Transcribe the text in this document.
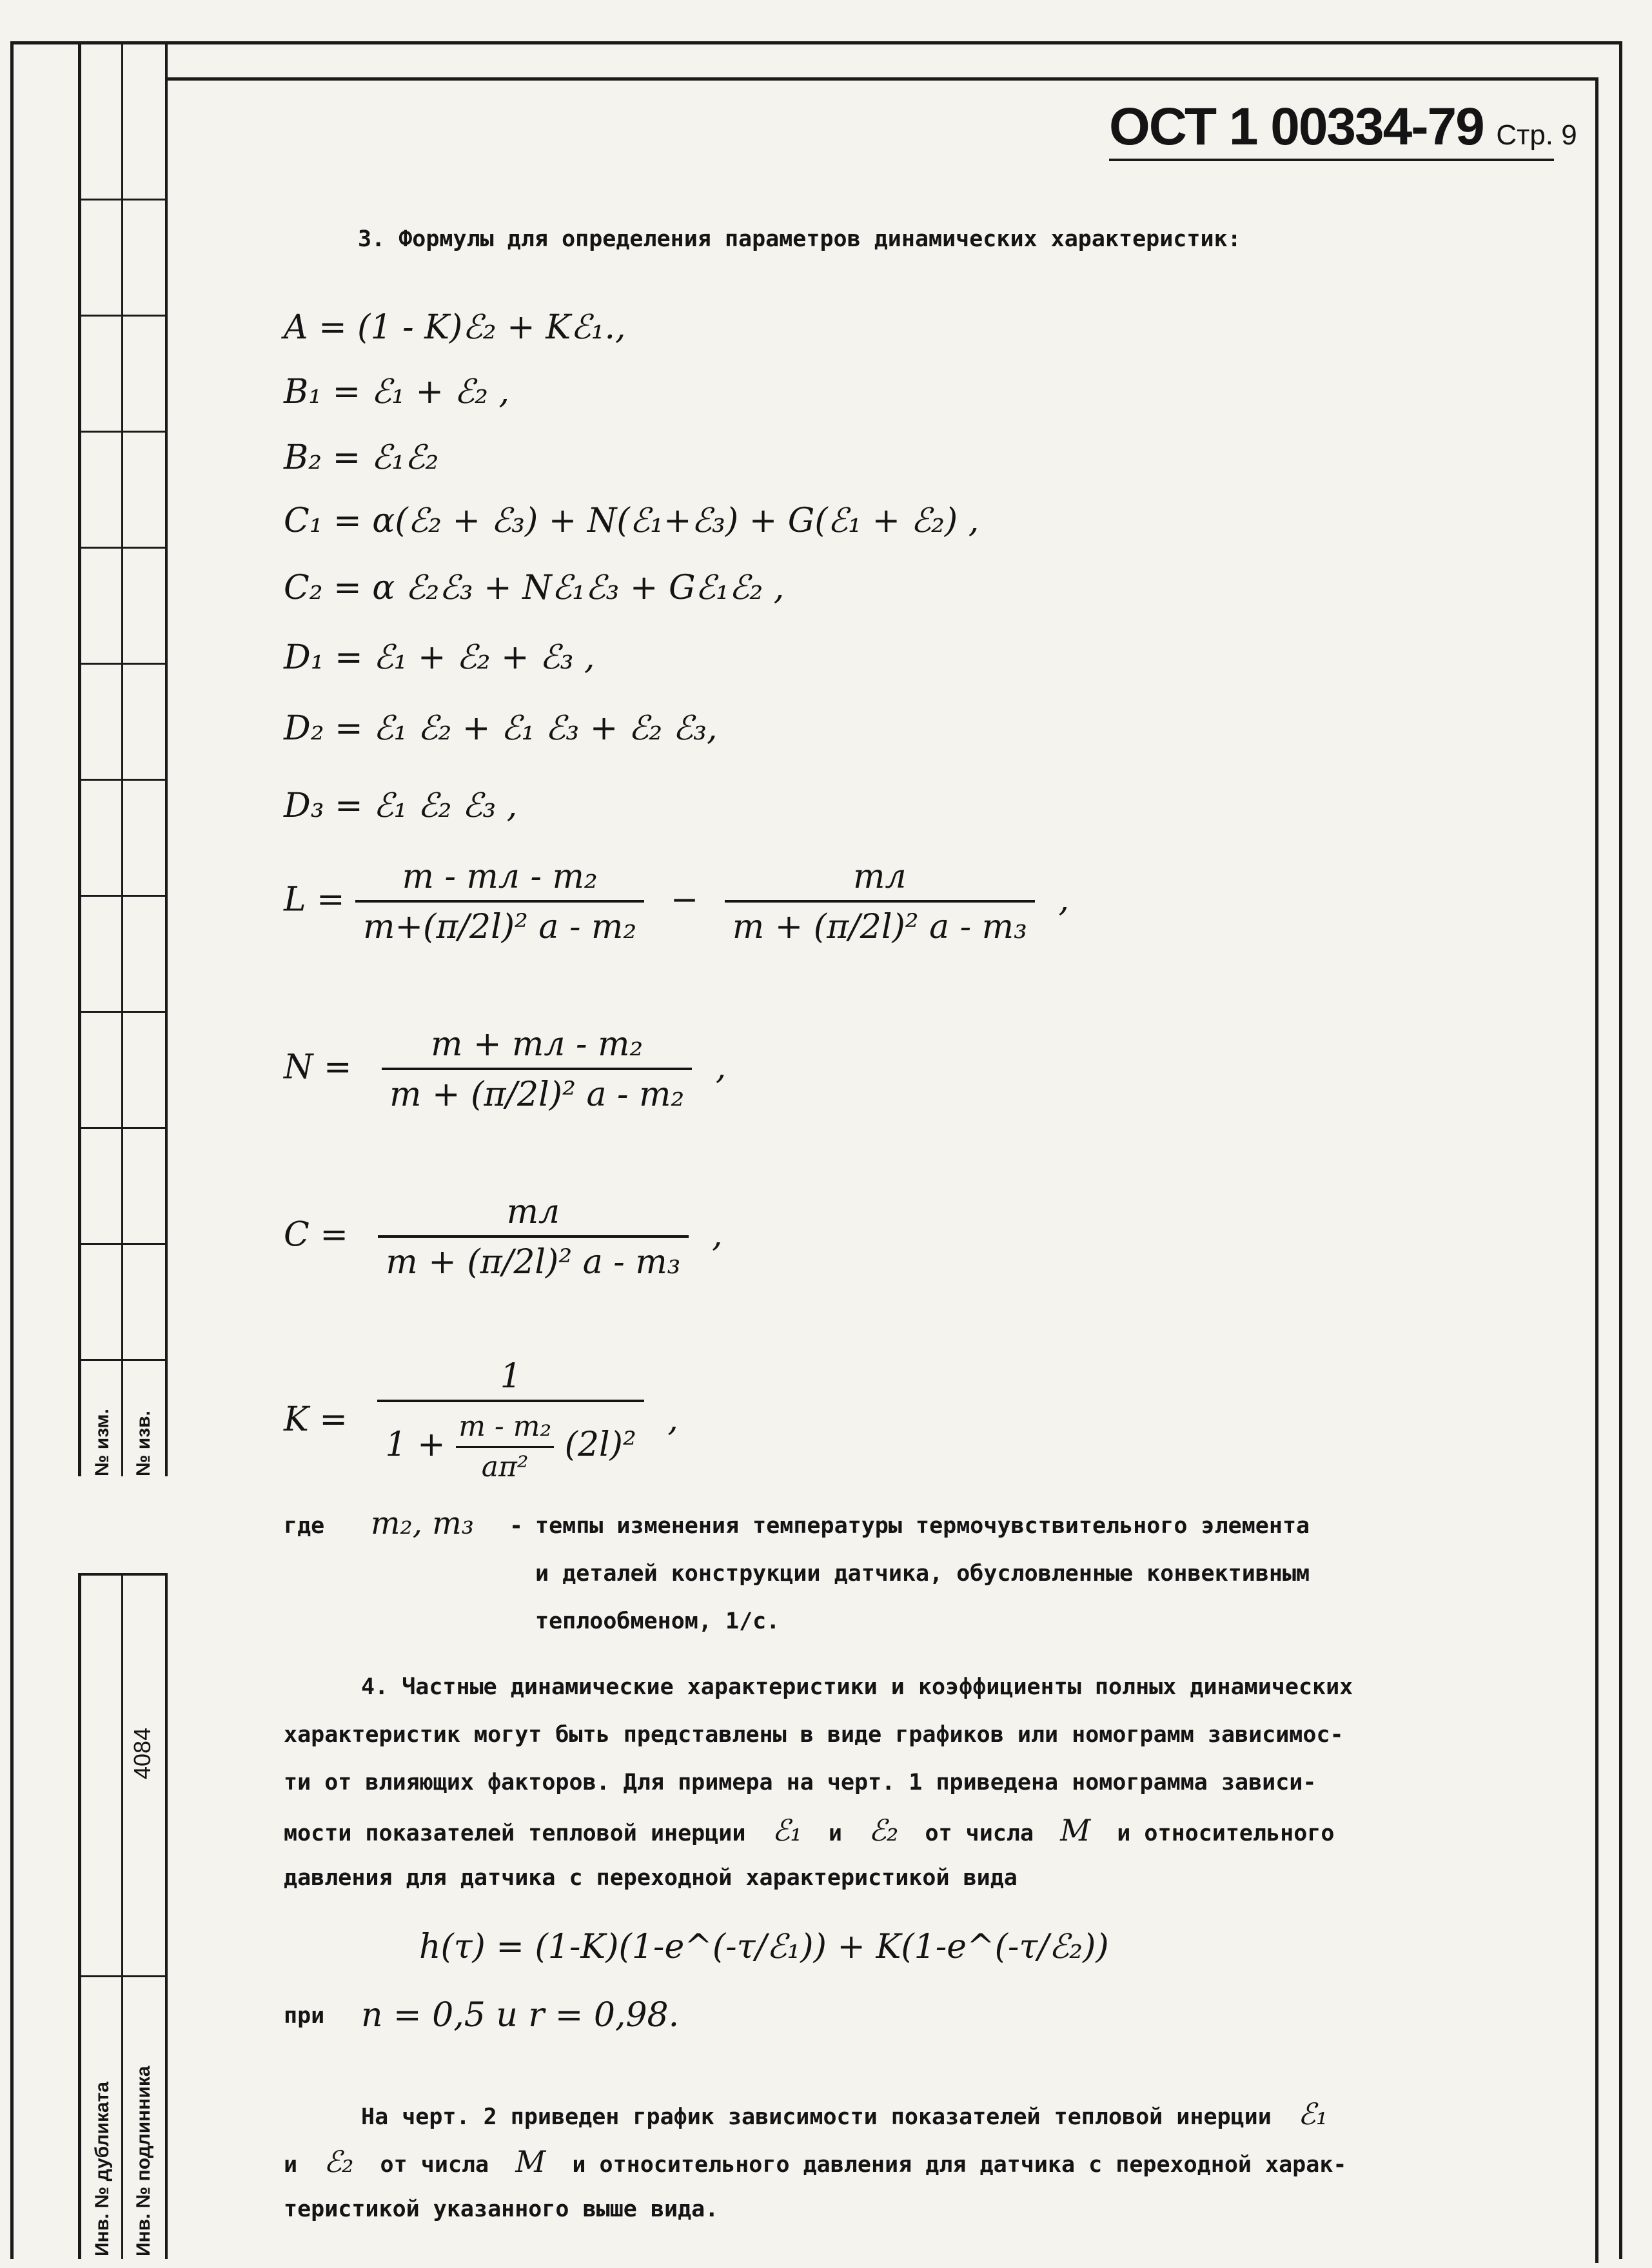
№ изм. № изв.
4084
Инв. № дубликата Инв. № подлинника
ОСТ 1 00334-79 Стр. 9
3. Формулы для определения параметров динамических характеристик:
A = (1 - K)ℰ₂ + Kℰ₁.,
B₁ = ℰ₁ + ℰ₂ ,
B₂ = ℰ₁ℰ₂
C₁ = α(ℰ₂ + ℰ₃) + N(ℰ₁+ℰ₃) + G(ℰ₁ + ℰ₂) ,
C₂ = α ℰ₂ℰ₃ + Nℰ₁ℰ₃ + Gℰ₁ℰ₂ ,
D₁ = ℰ₁ + ℰ₂ + ℰ₃ ,
D₂ = ℰ₁ ℰ₂ + ℰ₁ ℰ₃ + ℰ₂ ℰ₃,
D₃ = ℰ₁ ℰ₂ ℰ₃ ,
$L = \frac{\text{m - mл - m₂}}{\text{m+(π/2l)² a - m₂}} - \frac{mл}{\text{m + (π/2l)² a - m₃}}$ ,
$N = \frac{\text{m + mл - m₂}}{\text{m + (π/2l)² a - m₂}}$ ,
$C = \frac{mл}{\text{m + (π/2l)² a - m₃}}$ ,
$K = \frac{1}{1 + \frac{\text{m - m₂}}{\text{aπ²}} (2l)^2}$ ,
где m₂, m₃ - темпы изменения температуры термочувствительного элемента
и деталей конструкции датчика, обусловленные конвективным
теплообменом, 1/с.
4. Частные динамические характеристики и коэффициенты полных динамических
характеристик могут быть представлены в виде графиков или номограмм зависимос-
ти от влияющих факторов. Для примера на черт. 1 приведена номограмма зависи-
мости показателей тепловой инерции ℰ₁ и ℰ₂ от числа M и относительного
давления для датчика с переходной характеристикой вида
h(τ) = (1-K)(1-e^(-τ/ℰ₁)) + K(1-e^(-τ/ℰ₂))
при n = 0,5 u r = 0,98.
На черт. 2 приведен график зависимости показателей тепловой инерции ℰ₁
и ℰ₂ от числа M и относительного давления для датчика с переходной харак-
теристикой указанного выше вида.
